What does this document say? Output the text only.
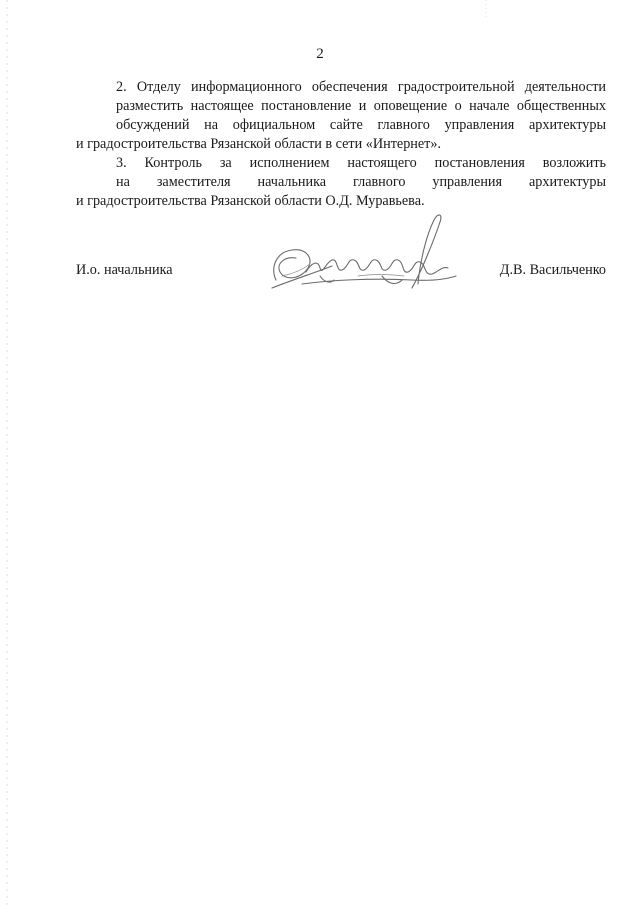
2

2. Отделу информационного обеспечения градостроительной деятельности
разместить настоящее постановление и оповещение о начале общественных
обсуждений на официальном сайте главного управления архитектуры
и градостроительства Рязанской области в сети «Интернет».

3. Контроль за исполнением настоящего постановления возложить
на заместителя начальника главного управления архитектуры
и градостроительства Рязанской области О.Д. Муравьева.

И.о. начальника	Д.В. Васильченко
